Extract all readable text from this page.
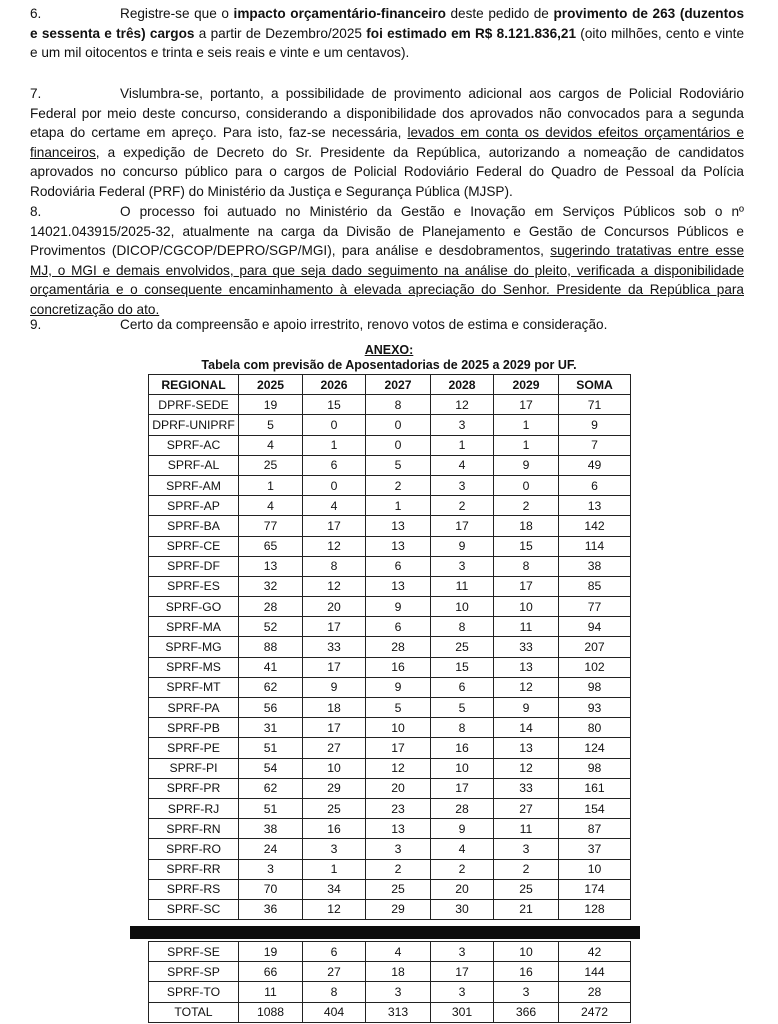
6.	Registre-se que o impacto orçamentário-financeiro deste pedido de provimento de 263 (duzentos e sessenta e três) cargos a partir de Dezembro/2025 foi estimado em R$ 8.121.836,21 (oito milhões, cento e vinte e um mil oitocentos e trinta e seis reais e vinte e um centavos).

7.	Vislumbra-se, portanto, a possibilidade de provimento adicional aos cargos de Policial Rodoviário Federal por meio deste concurso, considerando a disponibilidade dos aprovados não convocados para a segunda etapa do certame em apreço. Para isto, faz-se necessária, levados em conta os devidos efeitos orçamentários e financeiros, a expedição de Decreto do Sr. Presidente da República, autorizando a nomeação de candidatos aprovados no concurso público para o cargos de Policial Rodoviário Federal do Quadro de Pessoal da Polícia Rodoviária Federal (PRF) do Ministério da Justiça e Segurança Pública (MJSP).

8.	O processo foi autuado no Ministério da Gestão e Inovação em Serviços Públicos sob o nº 14021.043915/2025-32, atualmente na carga da Divisão de Planejamento e Gestão de Concursos Públicos e Provimentos (DICOP/CGCOP/DEPRO/SGP/MGI), para análise e desdobramentos, sugerindo tratativas entre esse MJ, o MGI e demais envolvidos, para que seja dado seguimento na análise do pleito, verificada a disponibilidade orçamentária e o consequente encaminhamento à elevada apreciação do Senhor. Presidente da República para concretização do ato.

9.	Certo da compreensão e apoio irrestrito, renovo votos de estima e consideração.

ANEXO:
Tabela com previsão de Aposentadorias de 2025 a 2029 por UF.
REGIONAL	2025	2026	2027	2028	2029	SOMA
DPRF-SEDE	19	15	8	12	17	71
DPRF-UNIPRF	5	0	0	3	1	9
SPRF-AC	4	1	0	1	1	7
SPRF-AL	25	6	5	4	9	49
SPRF-AM	1	0	2	3	0	6
SPRF-AP	4	4	1	2	2	13
SPRF-BA	77	17	13	17	18	142
SPRF-CE	65	12	13	9	15	114
SPRF-DF	13	8	6	3	8	38
SPRF-ES	32	12	13	11	17	85
SPRF-GO	28	20	9	10	10	77
SPRF-MA	52	17	6	8	11	94
SPRF-MG	88	33	28	25	33	207
SPRF-MS	41	17	16	15	13	102
SPRF-MT	62	9	9	6	12	98
SPRF-PA	56	18	5	5	9	93
SPRF-PB	31	17	10	8	14	80
SPRF-PE	51	27	17	16	13	124
SPRF-PI	54	10	12	10	12	98
SPRF-PR	62	29	20	17	33	161
SPRF-RJ	51	25	23	28	27	154
SPRF-RN	38	16	13	9	11	87
SPRF-RO	24	3	3	4	3	37
SPRF-RR	3	1	2	2	2	10
SPRF-RS	70	34	25	20	25	174
SPRF-SC	36	12	29	30	21	128
SPRF-SE	19	6	4	3	10	42
SPRF-SP	66	27	18	17	16	144
SPRF-TO	11	8	3	3	3	28
TOTAL	1088	404	313	301	366	2472
